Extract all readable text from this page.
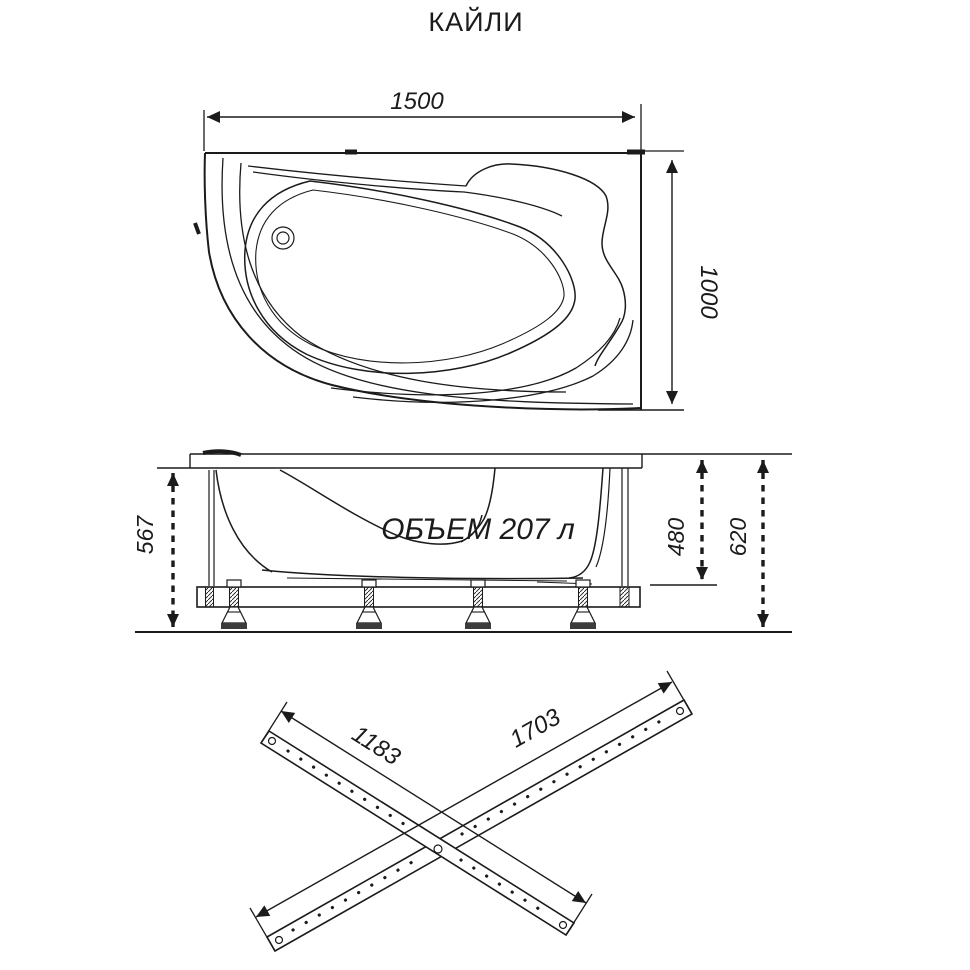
КАЙЛИ
1500
1000
ОБЪЕМ 207 л
567	480 620
1183	1703
